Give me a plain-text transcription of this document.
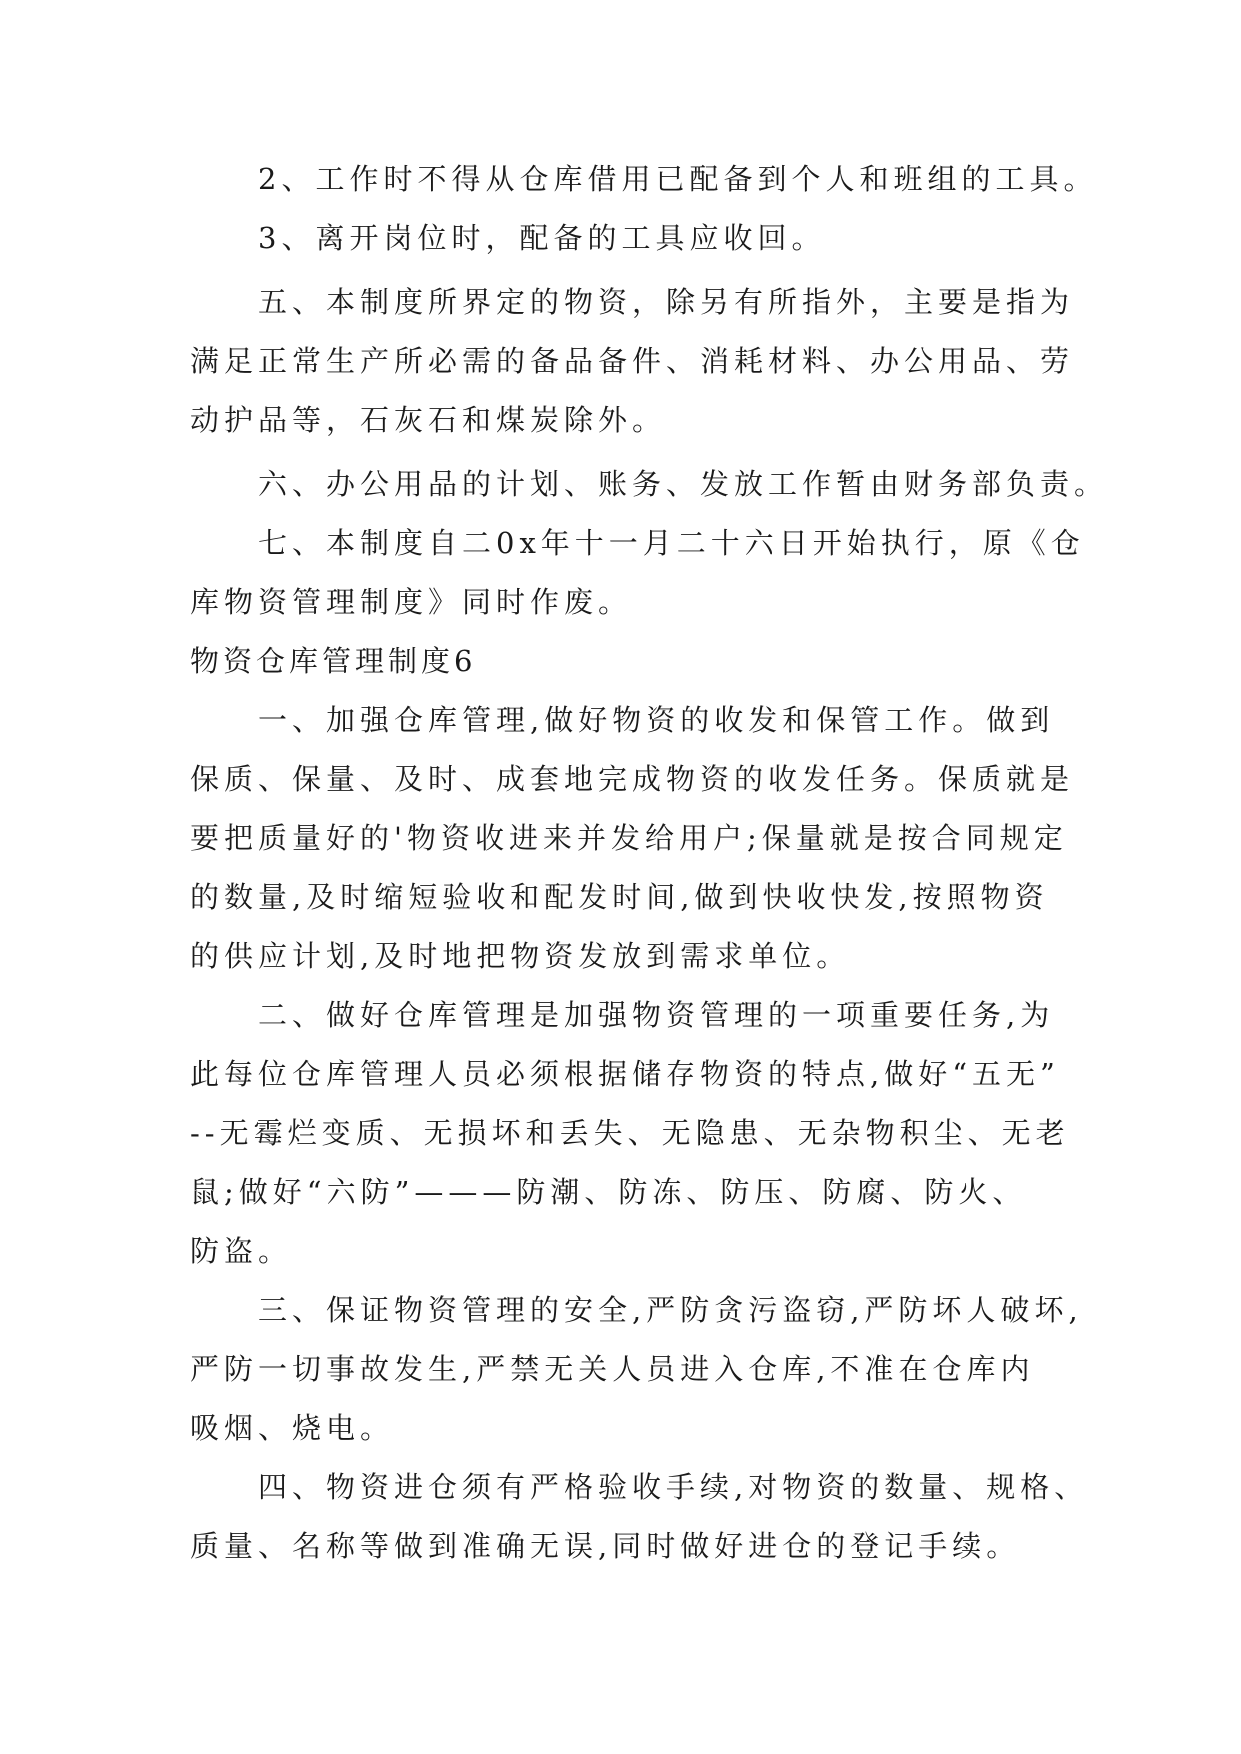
2、工作时不得从仓库借用已配备到个人和班组的工具。

3、离开岗位时，配备的工具应收回。

五、本制度所界定的物资，除另有所指外，主要是指为

满足正常生产所必需的备品备件、消耗材料、办公用品、劳

动护品等，石灰石和煤炭除外。

六、办公用品的计划、账务、发放工作暂由财务部负责。

七、本制度自二0x年十一月二十六日开始执行，原《仓

库物资管理制度》同时作废。

物资仓库管理制度6

一、加强仓库管理,做好物资的收发和保管工作。做到

保质、保量、及时、成套地完成物资的收发任务。保质就是

要把质量好的'物资收进来并发给用户;保量就是按合同规定

的数量,及时缩短验收和配发时间,做到快收快发,按照物资

的供应计划,及时地把物资发放到需求单位。

二、做好仓库管理是加强物资管理的一项重要任务,为

此每位仓库管理人员必须根据储存物资的特点,做好“五无”

--无霉烂变质、无损坏和丢失、无隐患、无杂物积尘、无老

鼠;做好“六防”———防潮、防冻、防压、防腐、防火、

防盗。

三、保证物资管理的安全,严防贪污盗窃,严防坏人破坏,

严防一切事故发生,严禁无关人员进入仓库,不准在仓库内

吸烟、烧电。

四、物资进仓须有严格验收手续,对物资的数量、规格、

质量、名称等做到准确无误,同时做好进仓的登记手续。
